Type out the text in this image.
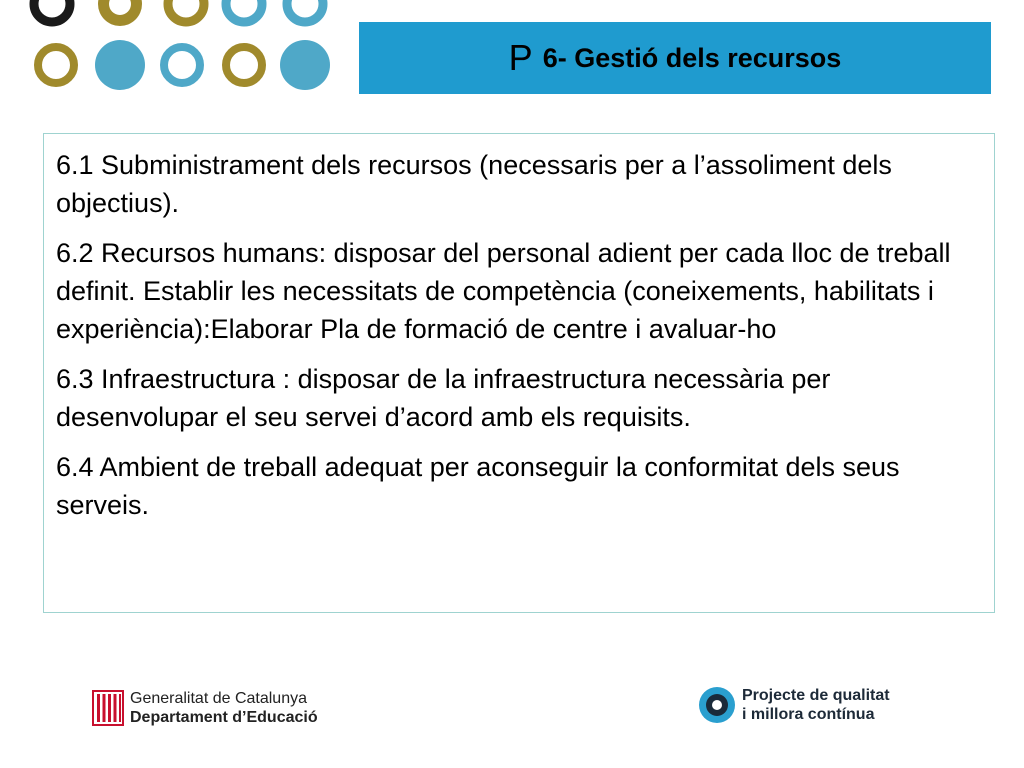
P 6- Gestió dels recursos

6.1 Subministrament dels recursos (necessaris per a l’assoliment dels objectius).

6.2 Recursos humans: disposar del personal adient per cada lloc de treball definit. Establir les necessitats de competència (coneixements, habilitats i experiència):Elaborar Pla de formació de centre i avaluar-ho

6.3 Infraestructura : disposar de la infraestructura necessària per desenvolupar el seu servei d’acord amb els requisits.

6.4 Ambient de treball adequat per aconseguir la conformitat dels seus serveis.

Generalitat de Catalunya
Departament d’Educació
Projecte de qualitat
i millora contínua
